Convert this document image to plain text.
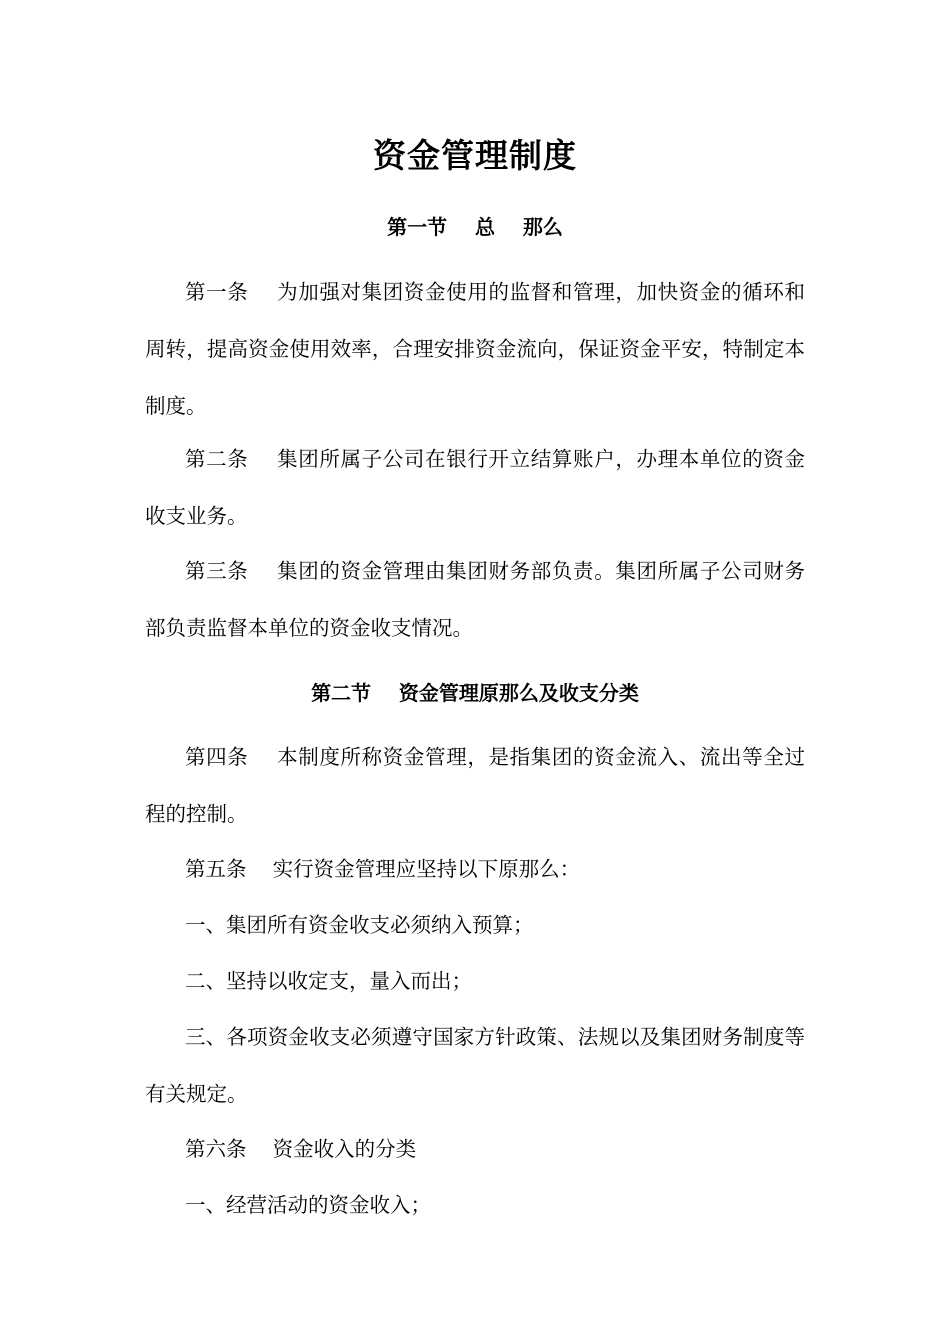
资金管理制度
第一节    总    那么
第一条    为加强对集团资金使用的监督和管理，加快资金的循环和周转，提高资金使用效率，合理安排资金流向，保证资金平安，特制定本制度。
第二条    集团所属子公司在银行开立结算账户，办理本单位的资金收支业务。
第三条    集团的资金管理由集团财务部负责。集团所属子公司财务部负责监督本单位的资金收支情况。
第二节    资金管理原那么及收支分类
第四条    本制度所称资金管理，是指集团的资金流入、流出等全过程的控制。
第五条    实行资金管理应坚持以下原那么：
一、集团所有资金收支必须纳入预算；
二、坚持以收定支，量入而出；
三、各项资金收支必须遵守国家方针政策、法规以及集团财务制度等有关规定。
第六条    资金收入的分类
一、经营活动的资金收入；
